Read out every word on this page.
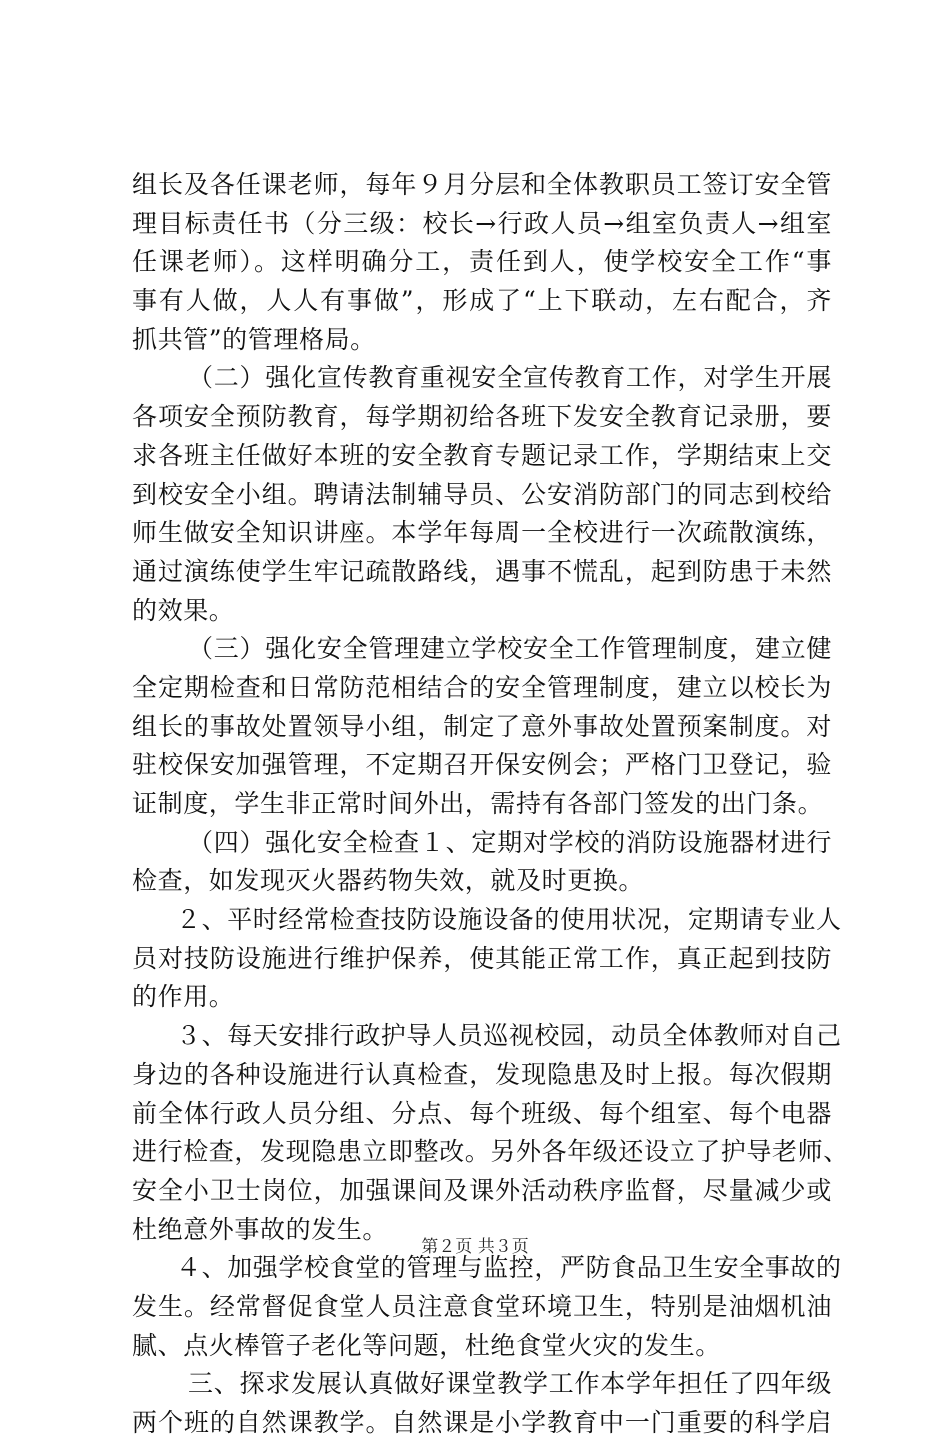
组长及各任课老师，每年９月分层和全体教职员工签订安全管
理目标责任书（分三级：校长→行政人员→组室负责人→组室
任课老师）。这样明确分工，责任到人，使学校安全工作“事
事有人做，人人有事做”，形成了“上下联动，左右配合，齐
抓共管”的管理格局。
（二）强化宣传教育重视安全宣传教育工作，对学生开展
各项安全预防教育，每学期初给各班下发安全教育记录册，要
求各班主任做好本班的安全教育专题记录工作，学期结束上交
到校安全小组。聘请法制辅导员、公安消防部门的同志到校给
师生做安全知识讲座。本学年每周一全校进行一次疏散演练，
通过演练使学生牢记疏散路线，遇事不慌乱，起到防患于未然
的效果。
（三）强化安全管理建立学校安全工作管理制度，建立健
全定期检查和日常防范相结合的安全管理制度，建立以校长为
组长的事故处置领导小组，制定了意外事故处置预案制度。对
驻校保安加强管理，不定期召开保安例会；严格门卫登记，验
证制度，学生非正常时间外出，需持有各部门签发的出门条。
（四）强化安全检查１、定期对学校的消防设施器材进行
检查，如发现灭火器药物失效，就及时更换。
２、平时经常检查技防设施设备的使用状况，定期请专业人
员对技防设施进行维护保养，使其能正常工作，真正起到技防
的作用。
３、每天安排行政护导人员巡视校园，动员全体教师对自己
身边的各种设施进行认真检查，发现隐患及时上报。每次假期
前全体行政人员分组、分点、每个班级、每个组室、每个电器
进行检查，发现隐患立即整改。另外各年级还设立了护导老师、
安全小卫士岗位，加强课间及课外活动秩序监督，尽量减少或
杜绝意外事故的发生。
４、加强学校食堂的管理与监控，严防食品卫生安全事故的
发生。经常督促食堂人员注意食堂环境卫生，特别是油烟机油
腻、点火棒管子老化等问题，杜绝食堂火灾的发生。
三、探求发展认真做好课堂教学工作本学年担任了四年级
两个班的自然课教学。自然课是小学教育中一门重要的科学启
第２页 共３页
